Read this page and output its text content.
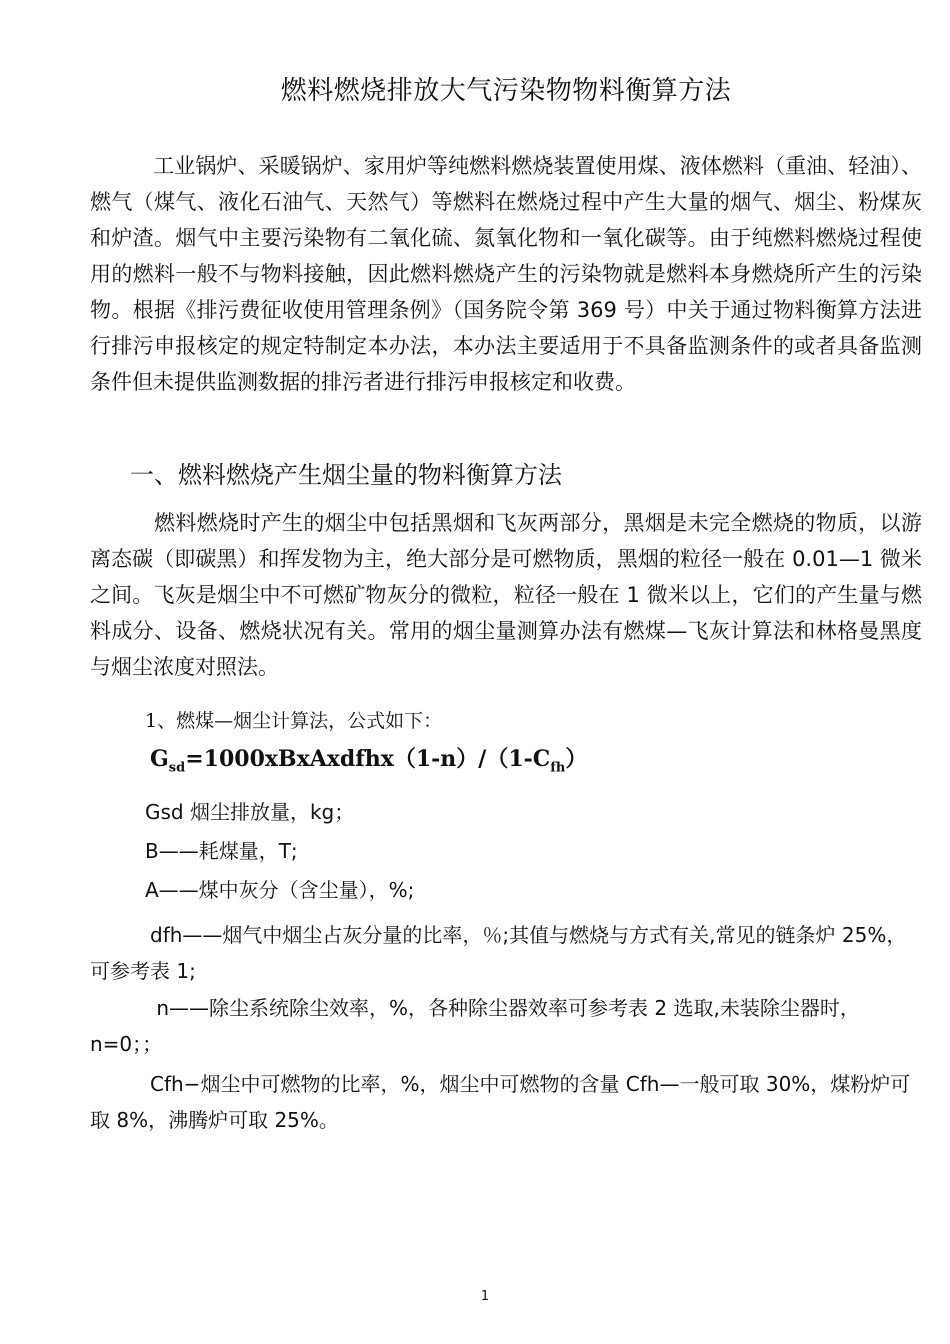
燃料燃烧排放大气污染物物料衡算方法

　　　工业锅炉、采暖锅炉、家用炉等纯燃料燃烧装置使用煤、液体燃料（重油、轻油）、燃气（煤气、液化石油气、天然气）等燃料在燃烧过程中产生大量的烟气、烟尘、粉煤灰和炉渣。烟气中主要污染物有二氧化硫、氮氧化物和一氧化碳等。由于纯燃料燃烧过程使用的燃料一般不与物料接触，因此燃料燃烧产生的污染物就是燃料本身燃烧所产生的污染物。根据《排污费征收使用管理条例》（国务院令第 369 号）中关于通过物料衡算方法进行排污申报核定的规定特制定本办法，本办法主要适用于不具备监测条件的或者具备监测条件但未提供监测数据的排污者进行排污申报核定和收费。

一、燃料燃烧产生烟尘量的物料衡算方法

　　　燃料燃烧时产生的烟尘中包括黑烟和飞灰两部分，黑烟是未完全燃烧的物质，以游离态碳（即碳黑）和挥发物为主，绝大部分是可燃物质，黑烟的粒径一般在 0.01—1 微米之间。飞灰是烟尘中不可燃矿物灰分的微粒，粒径一般在 1 微米以上，它们的产生量与燃料成分、设备、燃烧状况有关。常用的烟尘量测算办法有燃煤—飞灰计算法和林格曼黑度与烟尘浓度对照法。

1、燃煤—烟尘计算法，公式如下：

$G_{sd}=1000xBxAxdfhx(1-n)/(1-C_{fh})$

Gsd 烟尘排放量，kg；

B——耗煤量，T;

A——煤中灰分（含尘量），%;

　　　dfh——烟气中烟尘占灰分量的比率，％;其值与燃烧与方式有关,常见的链条炉 25%，可参考表 1;

　　　 n——除尘系统除尘效率，%，各种除尘器效率可参考表 2 选取,未装除尘器时，n=0；；

　　　Cfh−烟尘中可燃物的比率，%，烟尘中可燃物的含量 Cfh—一般可取 30%，煤粉炉可取 8%，沸腾炉可取 25%。

1
